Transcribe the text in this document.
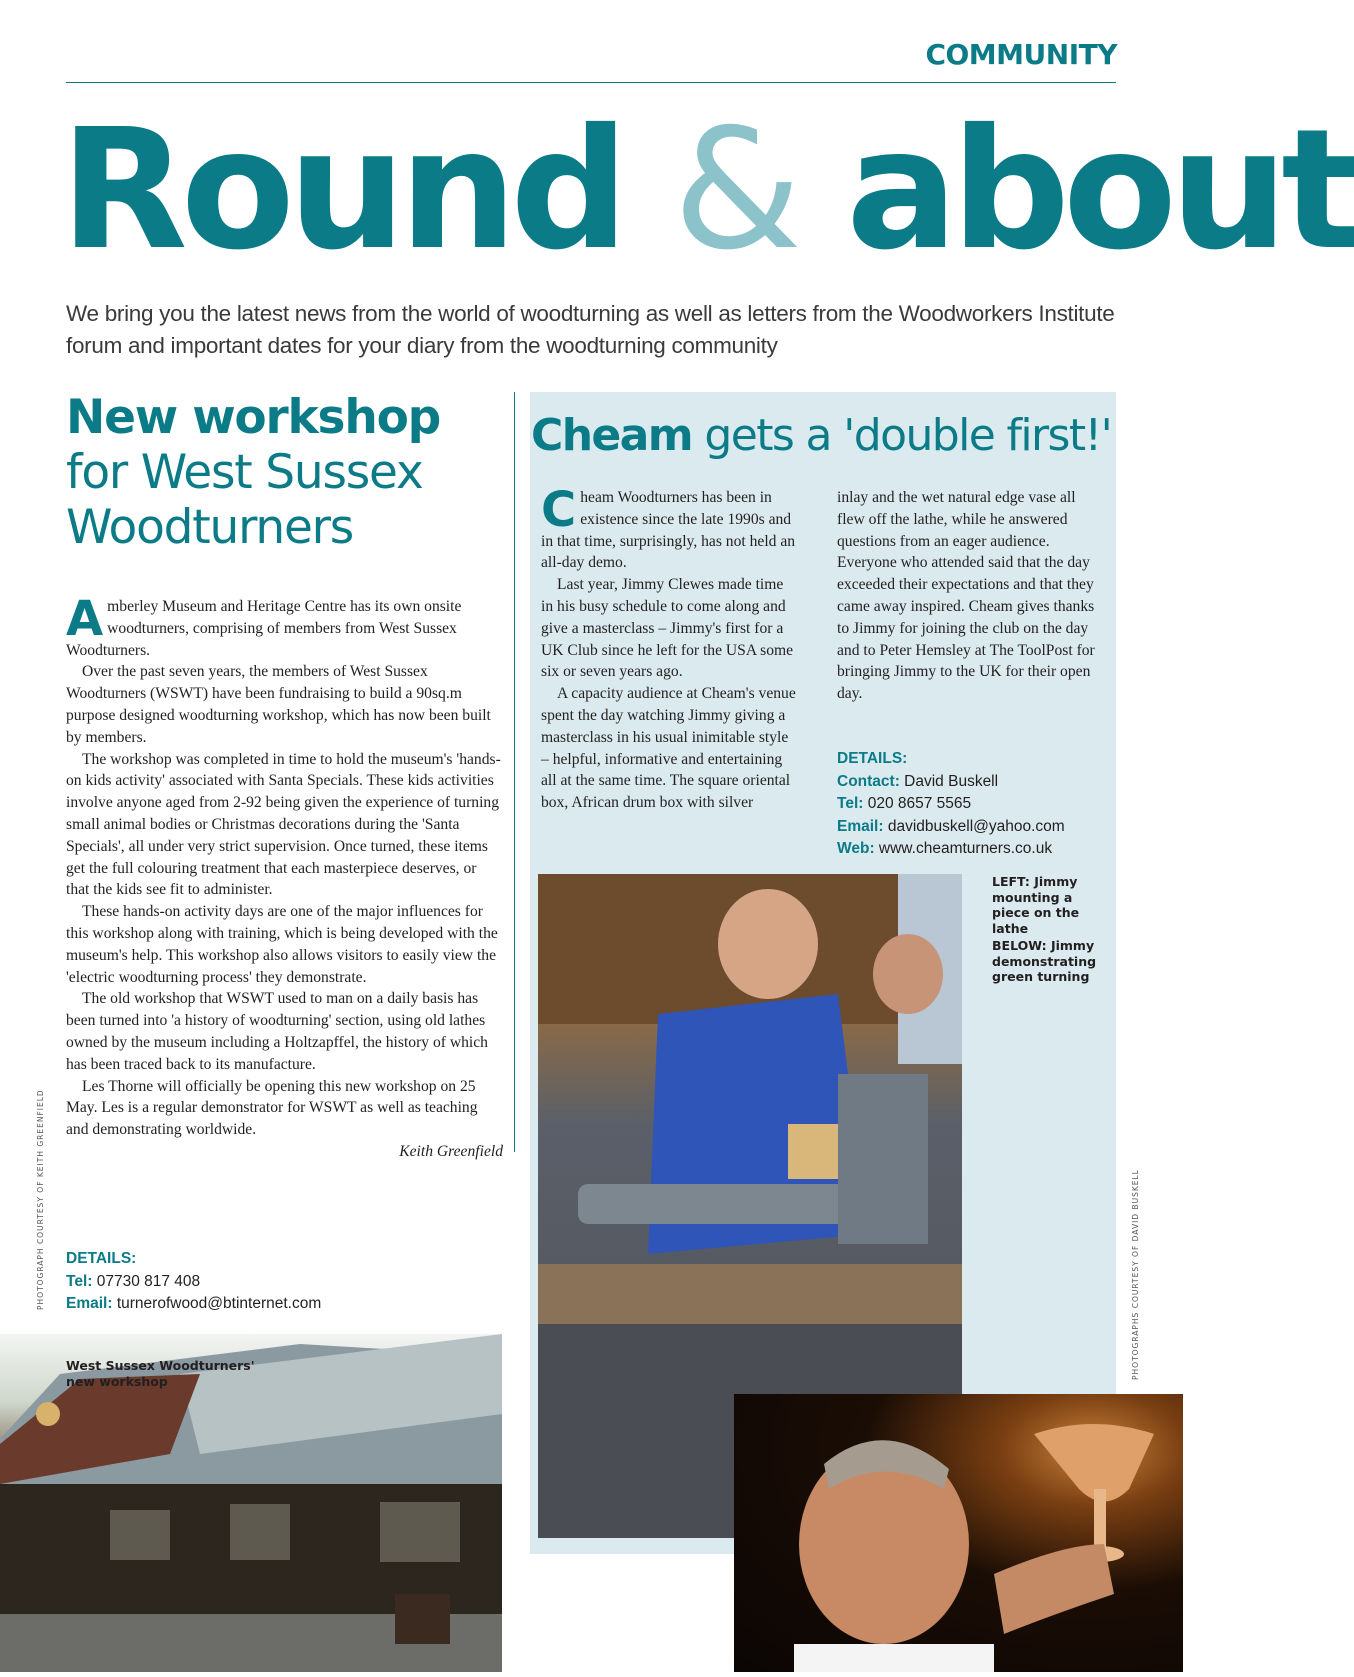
COMMUNITY
Round & about
We bring you the latest news from the world of woodturning as well as letters from the Woodworkers Institute forum and important dates for your diary from the woodturning community
New workshop
for West Sussex
Woodturners

Amberley Museum and Heritage Centre has its own onsite woodturners, comprising of members from West Sussex Woodturners.

Over the past seven years, the members of West Sussex Woodturners (WSWT) have been fundraising to build a 90sq.m purpose designed woodturning workshop, which has now been built by members.

The workshop was completed in time to hold the museum's 'hands-on kids activity' associated with Santa Specials. These kids activities involve anyone aged from 2-92 being given the experience of turning small animal bodies or Christmas decorations during the 'Santa Specials', all under very strict supervision. Once turned, these items get the full colouring treatment that each masterpiece deserves, or that the kids see fit to administer.

These hands-on activity days are one of the major influences for this workshop along with training, which is being developed with the museum's help. This workshop also allows visitors to easily view the 'electric woodturning process' they demonstrate.

The old workshop that WSWT used to man on a daily basis has been turned into 'a history of woodturning' section, using old lathes owned by the museum including a Holtzapffel, the history of which has been traced back to its manufacture.

Les Thorne will officially be opening this new workshop on 25 May. Les is a regular demonstrator for WSWT as well as teaching and demonstrating worldwide.

Keith Greenfield

DETAILS:
Tel: 07730 817 408
Email: turnerofwood@btinternet.com
West Sussex Woodturners' new workshop
PHOTOGRAPH COURTESY OF KEITH GREENFIELD
Cheam gets a 'double first!'

Cheam Woodturners has been in existence since the late 1990s and in that time, surprisingly, has not held an all-day demo.

Last year, Jimmy Clewes made time in his busy schedule to come along and give a masterclass – Jimmy's first for a UK Club since he left for the USA some six or seven years ago.

A capacity audience at Cheam's venue spent the day watching Jimmy giving a masterclass in his usual inimitable style – helpful, informative and entertaining all at the same time. The square oriental box, African drum box with silver

inlay and the wet natural edge vase all flew off the lathe, while he answered questions from an eager audience. Everyone who attended said that the day exceeded their expectations and that they came away inspired. Cheam gives thanks to Jimmy for joining the club on the day and to Peter Hemsley at The ToolPost for bringing Jimmy to the UK for their open day.

DETAILS:
Contact: David Buskell
Tel: 020 8657 5565
Email: davidbuskell@yahoo.com
Web: www.cheamturners.co.uk
LEFT: Jimmy mounting a piece on the lathe
BELOW: Jimmy demonstrating green turning
PHOTOGRAPHS COURTESY OF DAVID BUSKELL
